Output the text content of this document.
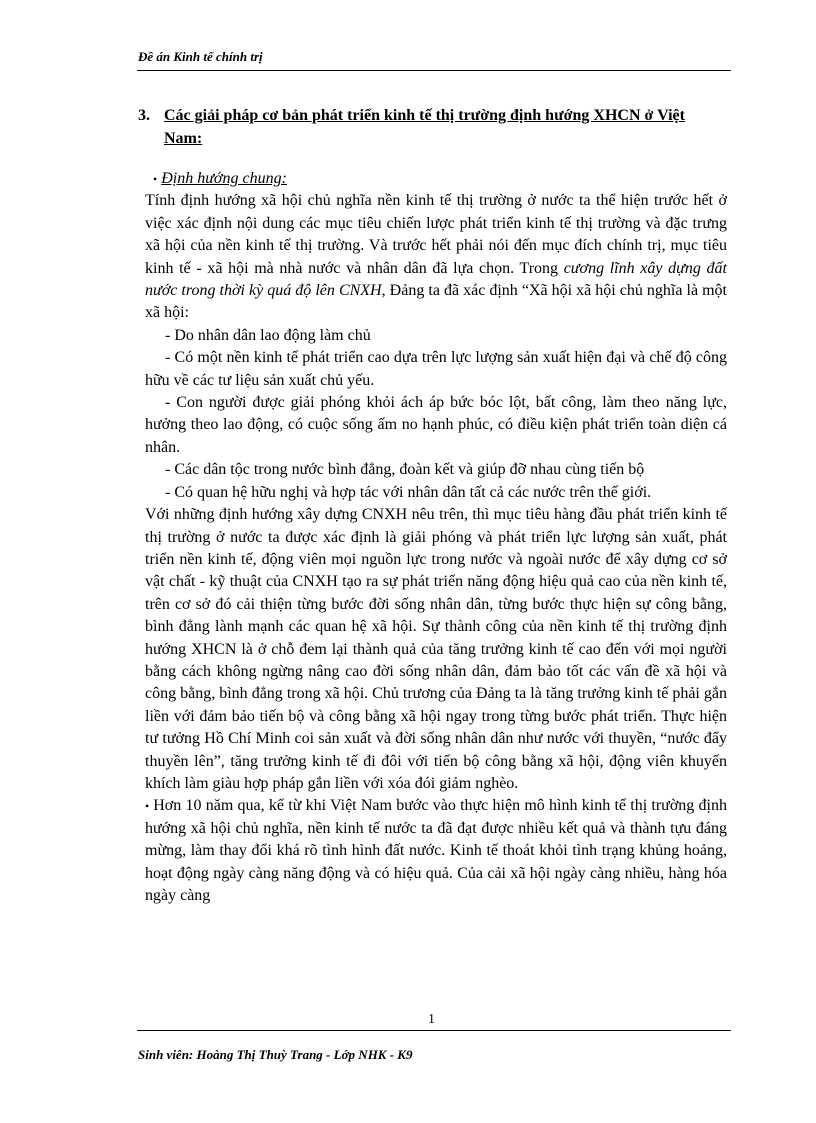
Đề án Kinh tế chính trị
3. Các giải pháp cơ bản phát triển kinh tế thị trường định hướng XHCN ở Việt Nam:

• Định hướng chung:

Tính định hướng xã hội chủ nghĩa nền kinh tế thị trường ở nước ta thể hiện trước hết ở việc xác định nội dung các mục tiêu chiến lược phát triển kinh tế thị trường và đặc trưng xã hội của nền kinh tế thị trường. Và trước hết phải nói đến mục đích chính trị, mục tiêu kinh tế - xã hội mà nhà nước và nhân dân đã lựa chọn. Trong cương lĩnh xây dựng đất nước trong thời kỳ quá độ lên CNXH, Đảng ta đã xác định “Xã hội xã hội chủ nghĩa là một xã hội:

- Do nhân dân lao động làm chủ

- Có một nền kinh tế phát triển cao dựa trên lực lượng sản xuất hiện đại và chế độ công hữu về các tư liệu sản xuất chủ yếu.

- Con người được giải phóng khỏi ách áp bức bóc lột, bất công, làm theo năng lực, hưởng theo lao động, có cuộc sống ấm no hạnh phúc, có điều kiện phát triển toàn diện cá nhân.

- Các dân tộc trong nước bình đẳng, đoàn kết và giúp đỡ nhau cùng tiến bộ

- Có quan hệ hữu nghị và hợp tác với nhân dân tất cả các nước trên thế giới.

Với những định hướng xây dựng CNXH nêu trên, thì mục tiêu hàng đầu phát triển kinh tế thị trường ở nước ta được xác định là giải phóng và phát triển lực lượng sản xuất, phát triển nền kinh tế, động viên mọi nguồn lực trong nước và ngoài nước để xây dựng cơ sở vật chất - kỹ thuật của CNXH tạo ra sự phát triển năng động hiệu quả cao của nền kinh tế, trên cơ sở đó cải thiện từng bước đời sống nhân dân, từng bước thực hiện sự công bằng, bình đẳng lành mạnh các quan hệ xã hội. Sự thành công của nền kinh tế thị trường định hướng XHCN là ở chỗ đem lại thành quả của tăng trưởng kinh tế cao đến với mọi người bằng cách không ngừng nâng cao đời sống nhân dân, đảm bảo tốt các vấn đề xã hội và công bằng, bình đẳng trong xã hội. Chủ trương của Đảng ta là tăng trưởng kinh tế phải gắn liền với đảm bảo tiến bộ và công bằng xã hội ngay trong từng bước phát triển. Thực hiện tư tưởng Hồ Chí Minh coi sản xuất và đời sống nhân dân như nước với thuyền, “nước đẩy thuyền lên”, tăng trưởng kinh tế đi đôi với tiến bộ công bằng xã hội, động viên khuyến khích làm giàu hợp pháp gắn liền với xóa đói giảm nghèo.

• Hơn 10 năm qua, kể từ khi Việt Nam bước vào thực hiện mô hình kinh tế thị trường định hướng xã hội chủ nghĩa, nền kinh tế nước ta đã đạt được nhiều kết quả và thành tựu đáng mừng, làm thay đổi khá rõ tình hình đất nước. Kinh tế thoát khỏi tình trạng khủng hoảng, hoạt động ngày càng năng động và có hiệu quả. Của cải xã hội ngày càng nhiều, hàng hóa ngày càng

1
Sinh viên: Hoàng Thị Thuỳ Trang - Lớp NHK - K9
